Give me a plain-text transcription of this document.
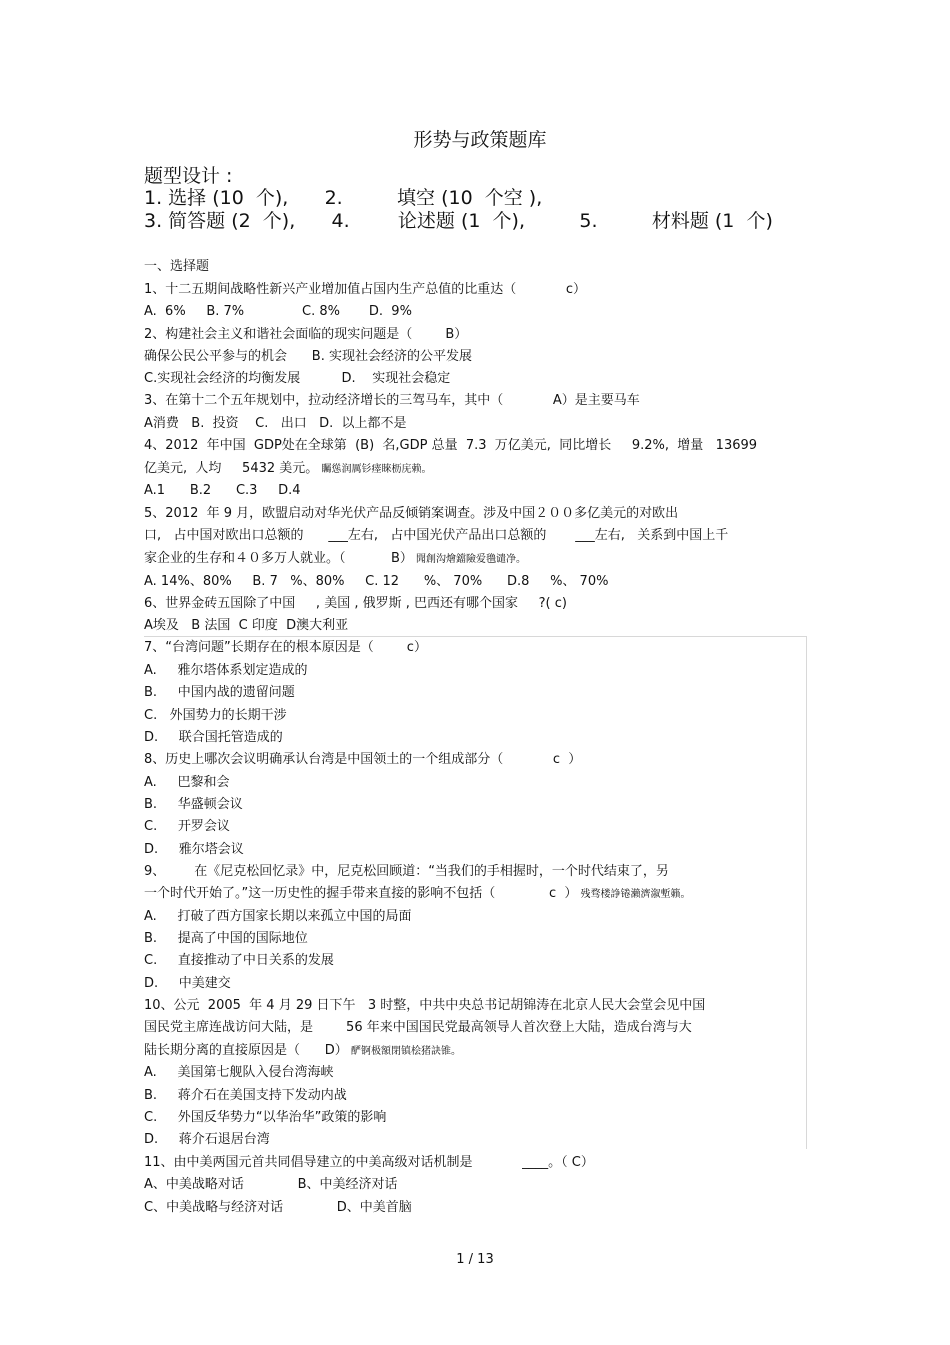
形势与政策题库
题型设计 :
1. 选择 (10  个),      2.         填空 (10  个空 ),
3. 简答题 (2  个),      4.        论述题 (1  个),         5.         材料题 (1  个)
一、选择题
1、十二五期间战略性新兴产业增加值占国内生产总值的比重达（            c）
A.  6%     B. 7%              C. 8%       D.  9%
2、构建社会主义和谐社会面临的现实问题是（        B）
确保公民公平参与的机会      B. 实现社会经济的公平发展
C.实现社会经济的均衡发展          D.    实现社会稳定
3、在第十二个五年规划中，拉动经济增长的三驾马车，其中（            A）是主要马车
A消费   B.  投资    C.   出口   D.  以上都不是
4、2012  年中国  GDP处在全球第  (B)  名,GDP 总量  7.3  万亿美元,  同比增长     9.2%,  增量   13699
亿美元,  人均     5432 美元。 矚慫润厲钐瘗睞枥庑赖。
A.1      B.2      C.3     D.4
5、2012  年 9 月，欧盟启动对华光伏产品反倾销案调查。涉及中国２００多亿美元的对欧出
口,   占中国对欧出口总额的      ___左右,   占中国光伏产品出口总额的       ___左右,   关系到中国上千
家企业的生存和４０多万人就业。（           B） 聞創沟燴鐺險爱氇谴净。
A. 14%、80%     B. 7   %、80%     C. 12      %、 70%      D.8     %、 70%
6、世界金砖五国除了中国     , 美国 , 俄罗斯 , 巴西还有哪个国家     ?( c)
A埃及   B 法国  C 印度  D澳大利亚
7、“台湾问题”长期存在的根本原因是（        c）
A.     雅尔塔体系划定造成的
B.     中国内战的遗留问题
C.   外国势力的长期干涉
D.     联合国托管造成的
8、历史上哪次会议明确承认台湾是中国领土的一个组成部分（            c  ）
A.     巴黎和会
B.     华盛顿会议
C.     开罗会议
D.     雅尔塔会议
9、       在《尼克松回忆录》中，尼克松回顾道：“当我们的手相握时，一个时代结束了，另
一个时代开始了。”这一历史性的握手带来直接的影响不包括（             c  ） 残骛楼諍锩瀨濟溆塹籟。
A.     打破了西方国家长期以来孤立中国的局面
B.     提高了中国的国际地位
C.     直接推动了中日关系的发展
D.     中美建交
10、公元  2005  年 4 月 29 日下午   3 时整，中共中央总书记胡锦涛在北京人民大会堂会见中国
国民党主席连战访问大陆，是        56 年来中国国民党最高领导人首次登上大陆，造成台湾与大
陆长期分离的直接原因是（      D） 酽锕极額閉镇桧猪訣锥。
A.     美国第七舰队入侵台湾海峡
B.     蒋介石在美国支持下发动内战
C.     外国反华势力“以华治华”政策的影响
D.     蒋介石退居台湾
11、由中美两国元首共同倡导建立的中美高级对话机制是            ____。（ C）
A、中美战略对话             B、中美经济对话
C、中美战略与经济对话             D、中美首脑
1 / 13
